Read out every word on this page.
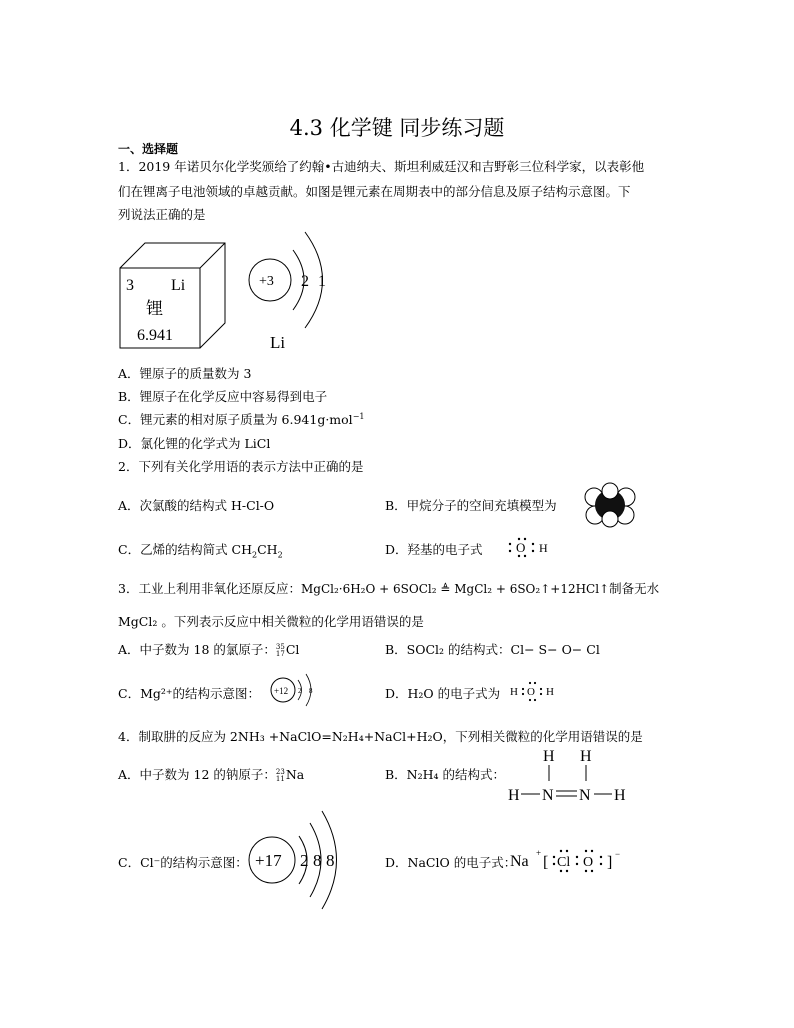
4.3 化学键 同步练习题
一、选择题
1．2019 年诺贝尔化学奖颁给了约翰•古迪纳夫、斯坦利威廷汉和吉野彰三位科学家，以表彰他
们在锂离子电池领域的卓越贡献。如图是锂元素在周期表中的部分信息及原子结构示意图。下
列说法正确的是
3 Li
锂
6.941
+3 2 1
Li
A．锂原子的质量数为 3
B．锂原子在化学反应中容易得到电子
C．锂元素的相对原子质量为 6.941g·mol$^{-1}$
D．氯化锂的化学式为 LiCl
2．下列有关化学用语的表示方法中正确的是
A．次氯酸的结构式 H-Cl-O	B．甲烷分子的空间充填模型为
C．乙烯的结构简式 $CH_2CH_2$	D．羟基的电子式	O H
3．工业上利用非氧化还原反应：MgCl₂·6H₂O + 6SOCl₂ ≜ MgCl₂ + 6SO₂↑+12HCl↑制备无水
MgCl₂ 。下列表示反应中相关微粒的化学用语错误的是
A．中子数为 18 的氯原子：35
17Cl	B．SOCl₂ 的结构式：Cl− S− O− Cl
C．Mg²⁺的结构示意图： +12 2 8	D．H₂O 的电子式为 H O H
4．制取肼的反应为 2NH₃ +NaClO=N₂H₄+NaCl+H₂O，下列相关微粒的化学用语错误的是
A．中子数为 12 的钠原子：23
11Na	B．N₂H₄ 的结构式：
H H
H N N H
C．Cl⁻的结构示意图： +17 2 8 8	D．NaClO 的电子式：
Na +
[ Cl O ] −
